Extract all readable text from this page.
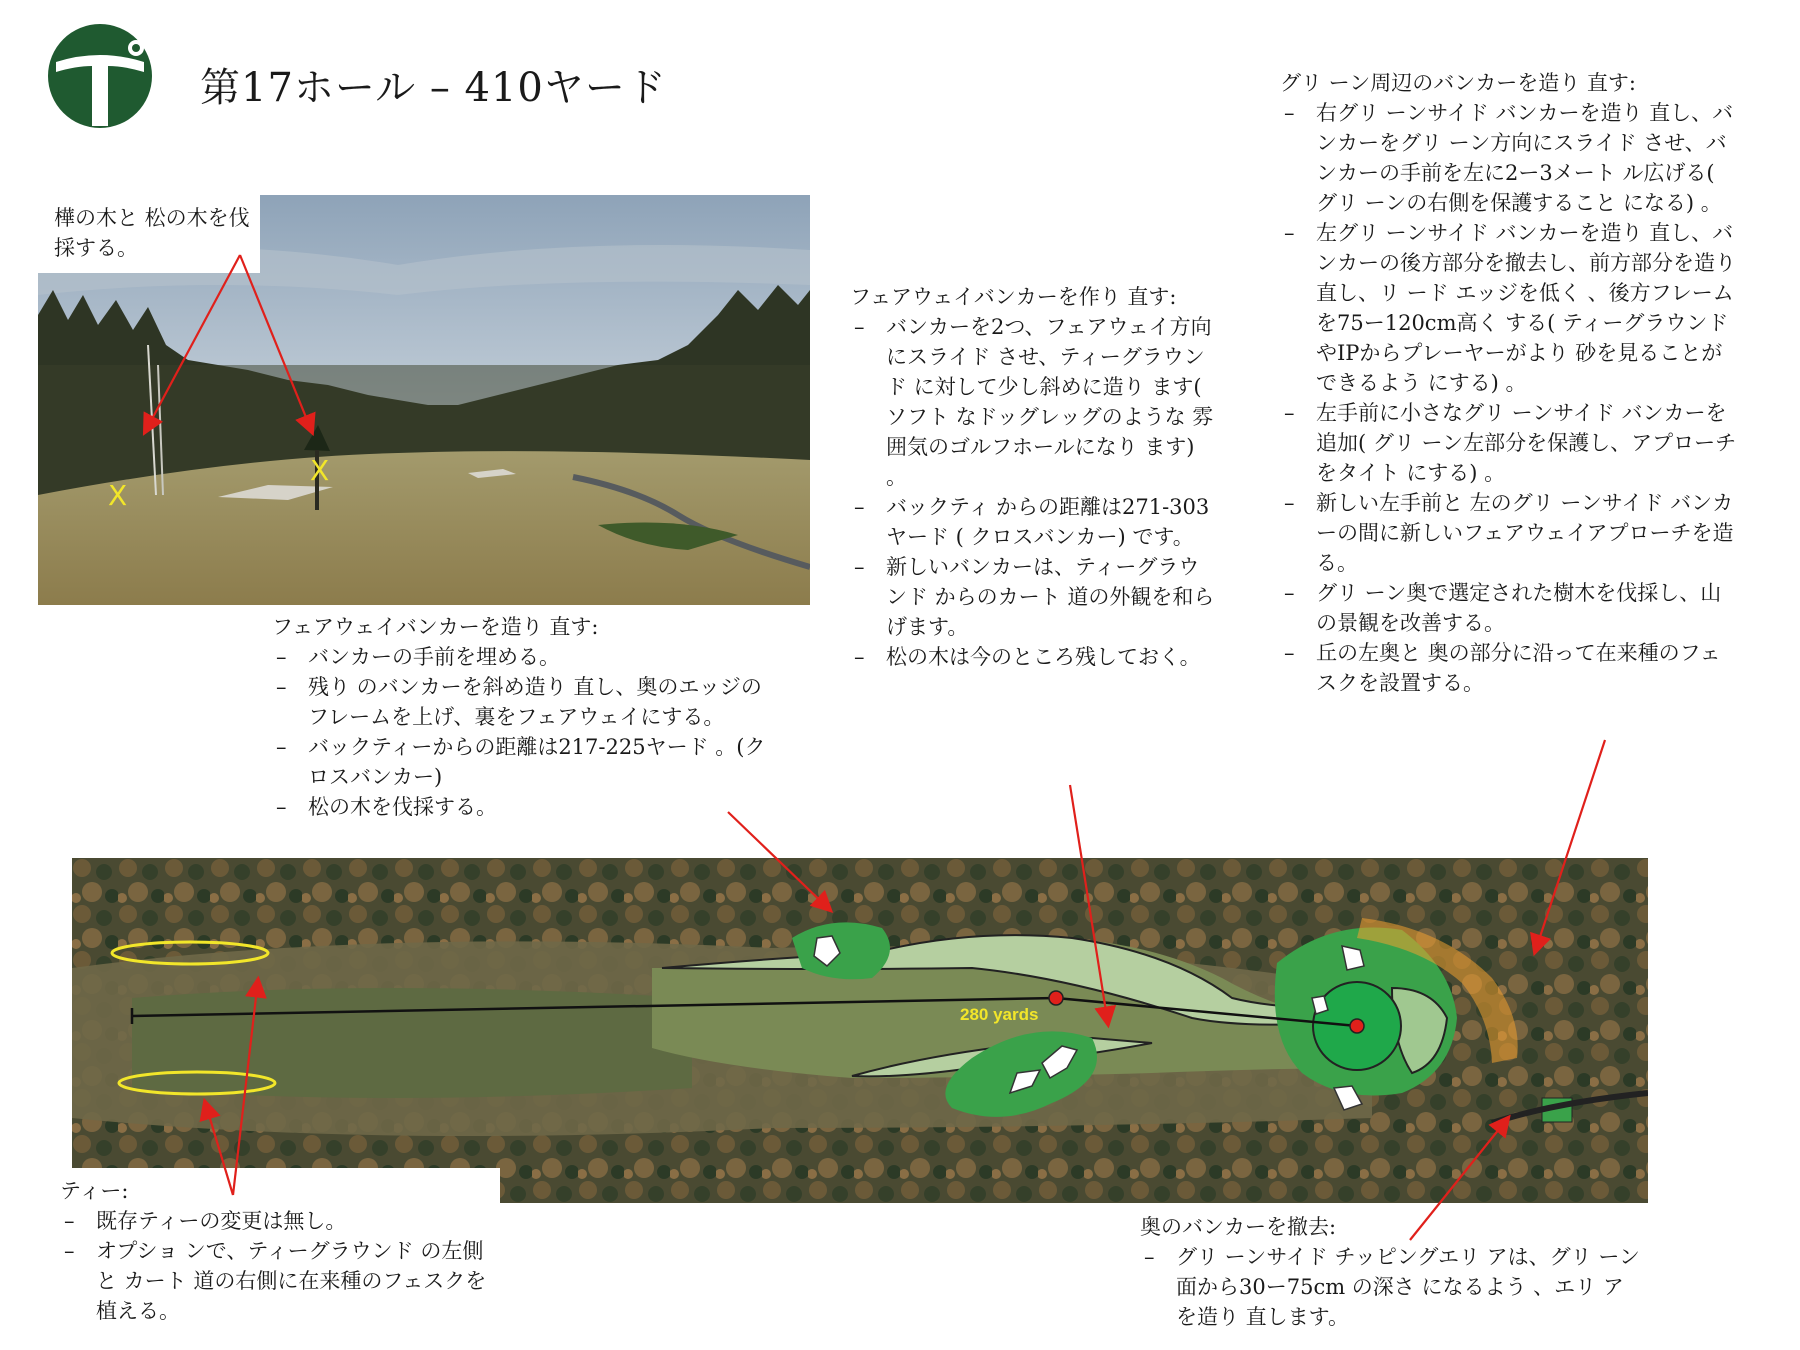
第17ホール – 410ヤード
X
X
樺の木と 松の木を伐採する。
280 yards
フェアウェイバンカーを作り 直す:
– バンカーを2つ、フェアウェイ方向にスライド させ、ティーグラウンド に対して少し斜めに造り ます( ソフト なドッグレッグのような 雰囲気のゴルフホールになり ます) 。
– バックティ からの距離は271-303ヤード ( クロスバンカー) です。
– 新しいバンカーは、ティーグラウンド からのカート 道の外観を和らげます。
– 松の木は今のところ残しておく。
フェアウェイバンカーを造り 直す:
– バンカーの手前を埋める。
– 残り のバンカーを斜め造り 直し、奥のエッジのフレームを上げ、裏をフェアウェイにする。
– バックティーからの距離は217-225ヤード 。(クロスバンカー)
– 松の木を伐採する。
グリ ーン周辺のバンカーを造り 直す:
– 右グリ ーンサイド バンカーを造り 直し、バンカーをグリ ーン方向にスライド させ、バンカーの手前を左に2ー3メート ル広げる( グリ ーンの右側を保護すること になる) 。
– 左グリ ーンサイド バンカーを造り 直し、バンカーの後方部分を撤去し、前方部分を造り 直し、リ ード エッジを低く 、後方フレームを75ー120cm高く する( ティーグラウンド やIPからプレーヤーがより 砂を見ることができるよう にする) 。
– 左手前に小さなグリ ーンサイド バンカーを追加( グリ ーン左部分を保護し、アプローチをタイト にする) 。
– 新しい左手前と 左のグリ ーンサイド バンカーの間に新しいフェアウェイアプローチを造る。
– グリ ーン奥で選定された樹木を伐採し、山の景観を改善する。
– 丘の左奥と 奥の部分に沿って在来種のフェスクを設置する。
ティー:
– 既存ティーの変更は無し。
– オプショ ンで、ティーグラウンド の左側と カート 道の右側に在来種のフェスクを植える。
奥のバンカーを撤去:
– グリ ーンサイド チッピングエリ アは、グリ ーン面から30ー75cm の深さ になるよう 、エリ アを造り 直します。
